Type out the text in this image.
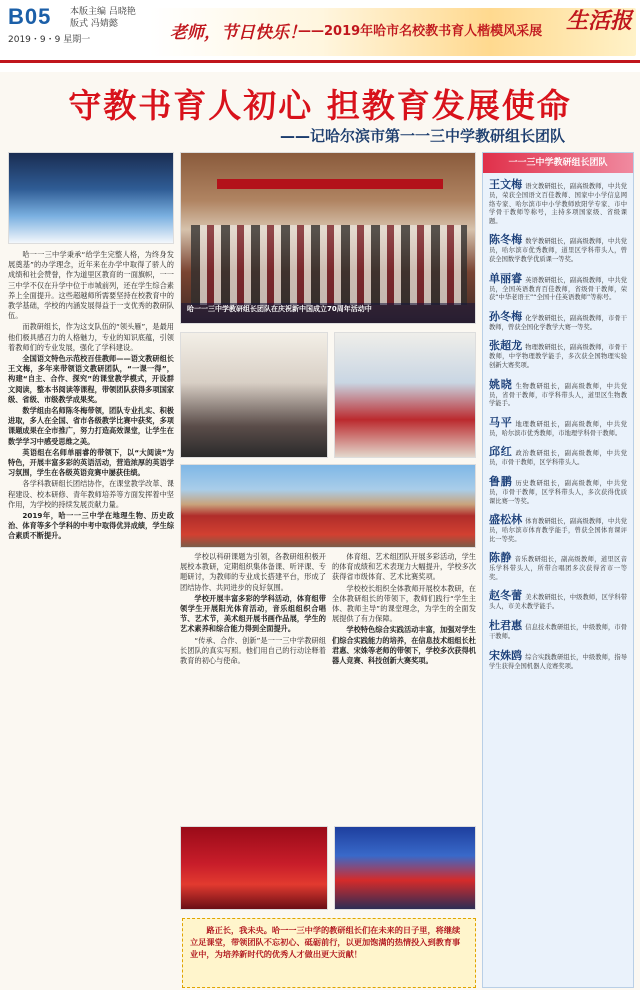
B05 本版主编 吕晓艳
版式 冯婧懿
2019・9・9 星期一	老师，节日快乐！
——2019年哈市名校教书育人楷模风采展 生活报
守教书育人初心 担教育发展使命
——记哈尔滨市第一一三中学教研组长团队
哈一一三中学教研组长团队在庆祝新中国成立70周年活动中

哈一一三中学秉承“给学生完整人格，为终身发展奠基”的办学理念，近年来在办学中取得了骄人的成绩和社会赞誉，作为道里区教育的一面旗帜，一一三中学不仅在升学中位于市城前列，还在学生综合素养上全面提升。这些超越师所需要坚持在校教育中的教学基础，学校的内涵发展得益于一支优秀的教研队伍。

而教研组长，作为这支队伍的“领头雁”，是最用他们极具感召力的人格魅力，专业的知识底蕴，引领着教师们的专业发展，强化了学科建设。

全国语文特色示范校百佳教师——语文教研组长王文梅，多年来带领语文教研团队，“一课一得”，构建“自主、合作、探究”的课堂教学模式，开设群文阅读，整本书阅读等课程，带领团队获得多项国家级、省级、市级教学成果奖。

数学组由名师陈冬梅带领，团队专业扎实、积极进取，多人在全国、省市各级教学比赛中获奖，多项课题成果在全市推广，努力打造高效课堂，让学生在数学学习中感受思维之美。

英语组在名师单丽睿的带领下，以“大阅读”为特色，开展丰富多彩的英语活动，营造浓厚的英语学习氛围，学生在各级英语竞赛中屡获佳绩。

各学科教研组长团结协作，在课堂教学改革、课程建设、校本研修、青年教师培养等方面发挥着中坚作用，为学校的持续发展贡献力量。

2019年，哈一一三中学在地理生物、历史政治、体育等多个学科的中考中取得优异成绩，学生综合素质不断提升。

学校以科研课题为引领，各教研组积极开展校本教研，定期组织集体备课、听评课、专题研讨，为教师的专业成长搭建平台，形成了团结协作、共同进步的良好氛围。

学校开展丰富多彩的学科活动，体育组带领学生开展阳光体育活动，音乐组组织合唱节、艺术节，美术组开展书画作品展，学生的艺术素养和综合能力得到全面提升。

“传承、合作、创新”是一一三中学教研组长团队的真实写照。他们用自己的行动诠释着教育的初心与使命。

体育组、艺术组团队开展多彩活动，学生的体育成绩和艺术表现力大幅提升，学校多次获得省市级体育、艺术比赛奖项。

学校校长组织全体教师开展校本教研，在全体教研组长的带领下，教师们践行“学生主体、教师主导”的课堂理念，为学生的全面发展提供了有力保障。

学校特色综合实践活动丰富，加强对学生们综合实践能力的培养，在信息技术组组长杜君惠、宋姝等老师的带领下，学校多次获得机器人竞赛、科技创新大赛奖项。

路正长，我未央。哈一一三中学的教研组长们在未来的日子里，将继续立足课堂，带领团队不忘初心、砥砺前行，以更加饱满的热情投入到教育事业中，为培养新时代的优秀人才做出更大贡献！
一一三中学教研组长团队
王文梅 语文教研组长，副高级教师，中共党员，荣获全国语文百佳教师、国家中小学信息网络专家、哈尔滨市中小学教师欧阳学专家、市中学骨干教师等称号，主持多项国家级、省级课题。
陈冬梅 数学教研组长，副高级教师，中共党员，哈尔滨市优秀教师，道里区学科带头人，曾获全国数学教学优质课一等奖。
单丽睿 英语教研组长，副高级教师，中共党员，全国英语教育百佳教师，省级骨干教师，荣获“中华老语王”“全国十佳英语教师”等称号。
孙冬梅 化学教研组长，副高级教师，市骨干教师，曾获全国化学教学大赛一等奖。
张超龙 物理教研组长，副高级教师，市骨干教师，中学物理教学能手，多次获全国物理实验创新大赛奖项。
姚晓 生物教研组长，副高级教师，中共党员，省骨干教师，市学科带头人，道里区生物教学能手。
马平 地理教研组长，副高级教师，中共党员，哈尔滨市优秀教师，市地理学科骨干教师。
邱红 政治教研组长，副高级教师，中共党员，市骨干教师，区学科带头人。
鲁鹏 历史教研组长，副高级教师，中共党员，市骨干教师，区学科带头人，多次获得优质课比赛一等奖。
盛松林 体育教研组长，副高级教师，中共党员，哈尔滨市体育教学能手，曾获全国体育课评比一等奖。
陈静 音乐教研组长，副高级教师，道里区音乐学科带头人，所带合唱团多次获得省市一等奖。
赵冬蕾 美术教研组长，中级教师，区学科带头人，市美术教学能手。
杜君惠 信息技术教研组长，中级教师，市骨干教师。
宋姝鸥 综合实践教研组长，中级教师，指导学生获得全国机器人竞赛奖项。
